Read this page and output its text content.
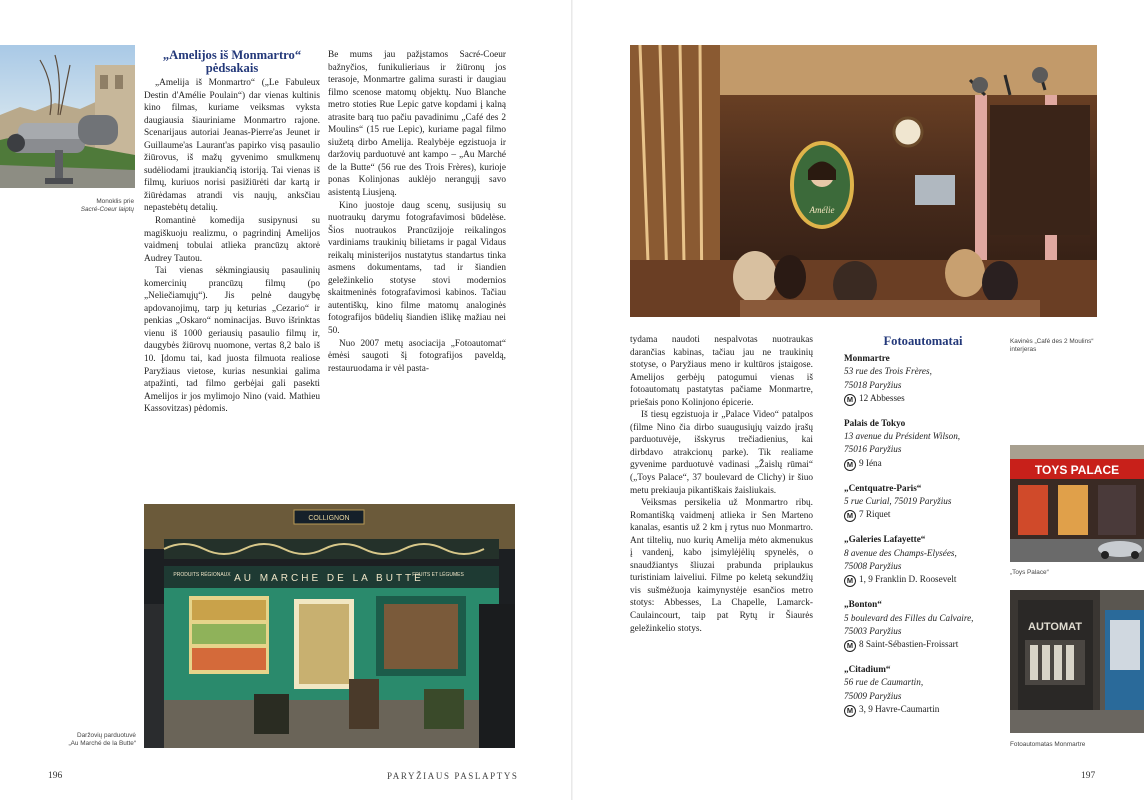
Monoklis prie
Sacré-Coeur laiptų
„Amelijos iš Monmartro“
pėdsakais

„Amelija iš Monmartro“ („Le Fabuleux Destin d'Amélie Poulain“) dar vienas kultinis kino filmas, kuriame veiksmas vyksta daugiausia šiauriniame Monmartro rajone. Scenarijaus autoriai Jeanas-Pierre'as Jeunet ir Guillaume'as Laurant'as papirko visą pasaulio žiūrovus, iš mažų gyvenimo smulkmenų sudėliodami įtraukiančią istoriją. Tai vienas iš filmų, kuriuos norisi pasižiūrėti dar kartą ir žiūrėdamas atrandi vis naujų, anksčiau nepastebėtų detalių.

Romantinė komedija susipynusi su magiškuoju realizmu, o pagrindinį Amelijos vaidmenį tobulai atlieka prancūzų aktorė Audrey Tautou.

Tai vienas sėkmingiausių pasaulinių komercinių prancūzų filmų (po „Neliečiamųjų“). Jis pelnė daugybę apdovanojimų, tarp jų keturias „Cezario“ ir penkias „Oskaro“ nominacijas. Buvo išrinktas vienu iš 1000 geriausių pasaulio filmų ir, daugybės žiūrovų nuomone, vertas 8,2 balo iš 10. Įdomu tai, kad juosta filmuota realiose Paryžiaus vietose, kurias nesunkiai galima atpažinti, tad filmo gerbėjai gali pasekti Amelijos ir jos mylimojo Nino (vaid. Mathieu Kassovitzas) pėdomis.

Be mums jau pažįstamos Sacré-Coeur bažnyčios, funikulieriaus ir žiūronų jos terasoje, Monmartre galima surasti ir daugiau filmo scenose matomų objektų. Nuo Blanche metro stoties Rue Lepic gatve kopdami į kalną atrasite barą tuo pačiu pavadinimu „Café des 2 Moulins“ (15 rue Lepic), kuriame pagal filmo siužetą dirbo Amelija. Realybėje egzistuoja ir daržovių parduotuvė ant kampo – „Au Marché de la Butte“ (56 rue des Trois Frères), kurioje ponas Kolinjonas auklėjo nerangųjį savo asistentą Liusjeną.

Kino juostoje daug scenų, susijusių su nuotraukų darymu fotografavimosi būdelėse. Šios nuotraukos Prancūzijoje reikalingos vardiniams traukinių bilietams ir pagal Vidaus reikalų ministerijos nustatytus standartus tinka asmens dokumentams, tad ir šiandien geležinkelio stotyse stovi modernios skaitmeninės fotografavimosi kabinos. Tačiau autentiškų, kino filme matomų analoginės fotografijos būdelių šiandien išlikę mažiau nei 50.

Nuo 2007 metų asociacija „Fotoautomat“ ėmėsi saugoti šį fotografijos paveldą, restauruodama ir vėl pasta-

COLLIGNON
AU MARCHE DE LA BUTTE
FRUITS ET LÉGUMES
PRODUITS RÉGIONAUX
Daržovių parduotuvė
„Au Marché de la Butte“
196	PARYŽIAUS PASLAPTYS
Amélie
Kavinės „Café des 2 Moulins“
interjeras

tydama naudoti nespalvotas nuotraukas darančias kabinas, tačiau jau ne traukinių stotyse, o Paryžiaus meno ir kultūros įstaigose. Amelijos gerbėjų patogumui vienas iš fotoautomatų pastatytas pačiame Monmartre, priešais pono Kolinjono épicerie.

Iš tiesų egzistuoja ir „Palace Video“ patalpos (filme Nino čia dirbo suaugusiųjų vaizdo įrašų parduotuvėje, išskyrus trečiadienius, kai dirbdavo atrakcionų parke). Tik realiame gyvenime parduotuvė vadinasi „Žaislų rūmai“ („Toys Palace“, 37 boulevard de Clichy) ir šiuo metu prekiauja pikantiškais žaisliukais.

Veiksmas persikelia už Monmartro ribų. Romantišką vaidmenį atlieka ir Sen Marteno kanalas, esantis už 2 km į rytus nuo Monmartro. Ant tiltelių, nuo kurių Amelija mėto akmenukus į vandenį, kabo įsimylėjėlių spynelės, o snaudžiantys šliuzai prabunda priplaukus turistiniam laiveliui. Filme po keletą sekundžių vis sušmėžuoja kaimynystėje esančios metro stotys: Abbesses, La Chapelle, Lamarck-Caulaincourt, taip pat Rytų ir Šiaurės geležinkelio stotys.

Fotoautomatai
Monmartre
53 rue des Trois Frères,
75018 Paryžius
M 12 Abbesses
Palais de Tokyo
13 avenue du Président Wilson,
75016 Paryžius
M 9 Iéna
„Centquatre-Paris“
5 rue Curial, 75019 Paryžius
M 7 Riquet
„Galeries Lafayette“
8 avenue des Champs-Elysées,
75008 Paryžius
M 1, 9 Franklin D. Roosevelt
„Bonton“
5 boulevard des Filles du Calvaire,
75003 Paryžius
M 8 Saint-Sébastien-Froissart
„Citadium“
56 rue de Caumartin,
75009 Paryžius
M 3, 9 Havre-Caumartin
TOYS PALACE
„Toys Palace“
AUTOMAT
Fotoautomatas Monmartre
197
